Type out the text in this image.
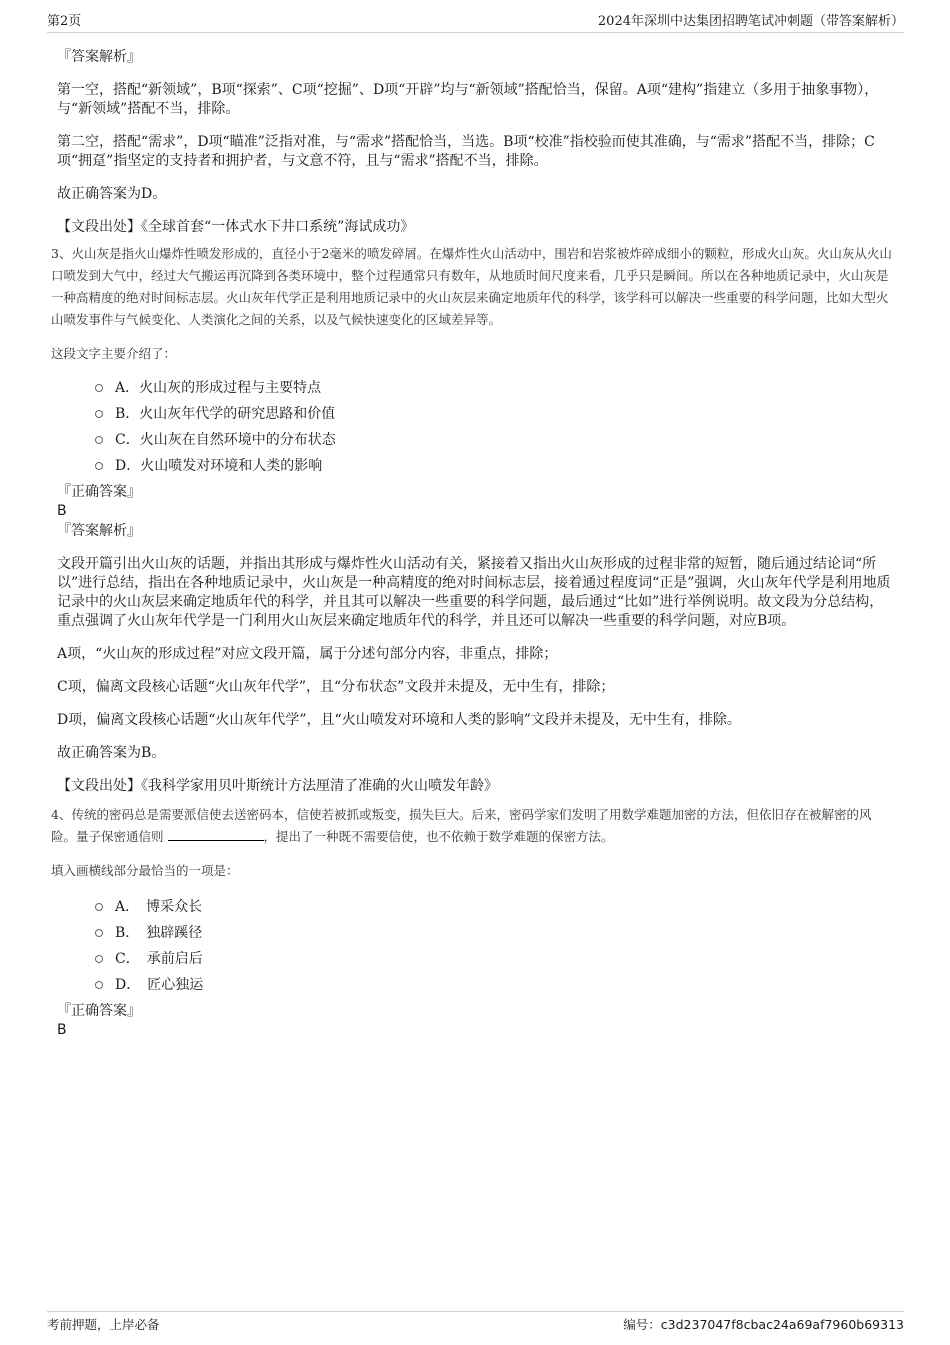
第2页	2024年深圳中达集团招聘笔试冲刺题（带答案解析）

『答案解析』

第一空，搭配“新领域”，B项“探索”、C项“挖掘”、D项“开辟”均与“新领域”搭配恰当，保留。A项“建构”指建立（多用于抽象事物），与“新领域”搭配不当，排除。

第二空，搭配“需求”，D项“瞄准”泛指对准，与“需求”搭配恰当，当选。B项“校准”指校验而使其准确，与“需求”搭配不当，排除；C项“拥趸”指坚定的支持者和拥护者，与文意不符，且与“需求”搭配不当，排除。

故正确答案为D。

【文段出处】《全球首套“一体式水下井口系统”海试成功》

3、火山灰是指火山爆炸性喷发形成的，直径小于2毫米的喷发碎屑。在爆炸性火山活动中，围岩和岩浆被炸碎成细小的颗粒，形成火山灰。火山灰从火山口喷发到大气中，经过大气搬运再沉降到各类环境中，整个过程通常只有数年，从地质时间尺度来看，几乎只是瞬间。所以在各种地质记录中，火山灰是一种高精度的绝对时间标志层。火山灰年代学正是利用地质记录中的火山灰层来确定地质年代的科学，该学科可以解决一些重要的科学问题，比如大型火山喷发事件与气候变化、人类演化之间的关系，以及气候快速变化的区域差异等。

这段文字主要介绍了：

A．火山灰的形成过程与主要特点
B．火山灰年代学的研究思路和价值
C．火山灰在自然环境中的分布状态
D．火山喷发对环境和人类的影响

『正确答案』

B

『答案解析』

文段开篇引出火山灰的话题，并指出其形成与爆炸性火山活动有关，紧接着又指出火山灰形成的过程非常的短暂，随后通过结论词“所以”进行总结，指出在各种地质记录中，火山灰是一种高精度的绝对时间标志层，接着通过程度词“正是”强调，火山灰年代学是利用地质记录中的火山灰层来确定地质年代的科学，并且其可以解决一些重要的科学问题，最后通过“比如”进行举例说明。故文段为分总结构，重点强调了火山灰年代学是一门利用火山灰层来确定地质年代的科学，并且还可以解决一些重要的科学问题，对应B项。

A项，“火山灰的形成过程”对应文段开篇，属于分述句部分内容，非重点，排除；

C项，偏离文段核心话题“火山灰年代学”，且“分布状态”文段并未提及，无中生有，排除；

D项，偏离文段核心话题“火山灰年代学”，且“火山喷发对环境和人类的影响”文段并未提及，无中生有，排除。

故正确答案为B。

【文段出处】《我科学家用贝叶斯统计方法厘清了准确的火山喷发年龄》

4、传统的密码总是需要派信使去送密码本，信使若被抓或叛变，损失巨大。后来，密码学家们发明了用数学难题加密的方法，但依旧存在被解密的风险。量子保密通信则	，提出了一种既不需要信使，也不依赖于数学难题的保密方法。

填入画横线部分最恰当的一项是：

A．　博采众长
B．　独辟蹊径
C．　承前启后
D．　匠心独运

『正确答案』

B

考前押题，上岸必备	编号：c3d237047f8cbac24a69af7960b69313
